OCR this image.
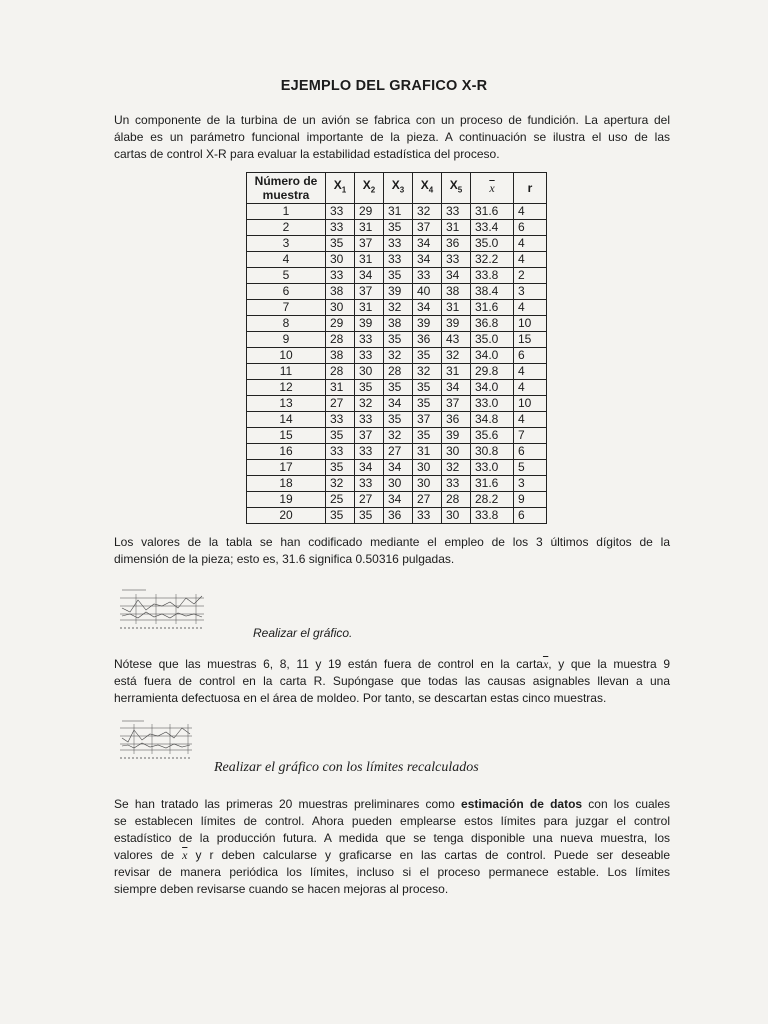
EJEMPLO DEL GRAFICO X-R
Un componente de la turbina de un avión se fabrica con un proceso de fundición. La apertura del
álabe es un parámetro funcional importante de la pieza. A continuación se ilustra el uso de las
cartas de control X-R para evaluar la estabilidad estadística del proceso.
Número de muestra	$X_1$	$X_2$	$X_3$	$X_4$	$X_5$	$\overline{x}$	r
1	33	29	31	32	33	31.6	4
2	33	31	35	37	31	33.4	6
3	35	37	33	34	36	35.0	4
4	30	31	33	34	33	32.2	4
5	33	34	35	33	34	33.8	2
6	38	37	39	40	38	38.4	3
7	30	31	32	34	31	31.6	4
8	29	39	38	39	39	36.8	10
9	28	33	35	36	43	35.0	15
10	38	33	32	35	32	34.0	6
11	28	30	28	32	31	29.8	4
12	31	35	35	35	34	34.0	4
13	27	32	34	35	37	33.0	10
14	33	33	35	37	36	34.8	4
15	35	37	32	35	39	35.6	7
16	33	33	27	31	30	30.8	6
17	35	34	34	30	32	33.0	5
18	32	33	30	30	33	31.6	3
19	25	27	34	27	28	28.2	9
20	35	35	36	33	30	33.8	6
Los valores de la tabla se han codificado mediante el empleo de los 3 últimos dígitos de la
dimensión de la pieza; esto es, 31.6 significa 0.50316 pulgadas.
Realizar el gráfico.
Nótese que las muestras 6, 8, 11 y 19 están fuera de control en la $carta\overline{x}$, y que la muestra 9
está fuera de control en la carta R. Supóngase que todas las causas asignables llevan a una
herramienta defectuosa en el área de moldeo. Por tanto, se descartan estas cinco muestras.
Realizar el gráfico con los límites recalculados
Se han tratado las primeras 20 muestras preliminares como estimación de datos con los cuales
se establecen límites de control. Ahora pueden emplearse estos límites para juzgar el control
estadístico de la producción futura. A medida que se tenga disponible una nueva muestra, los
valores de $\overline{x}$ y r deben calcularse y graficarse en las cartas de control. Puede ser deseable
revisar de manera periódica los límites, incluso si el proceso permanece estable. Los límites
siempre deben revisarse cuando se hacen mejoras al proceso.
